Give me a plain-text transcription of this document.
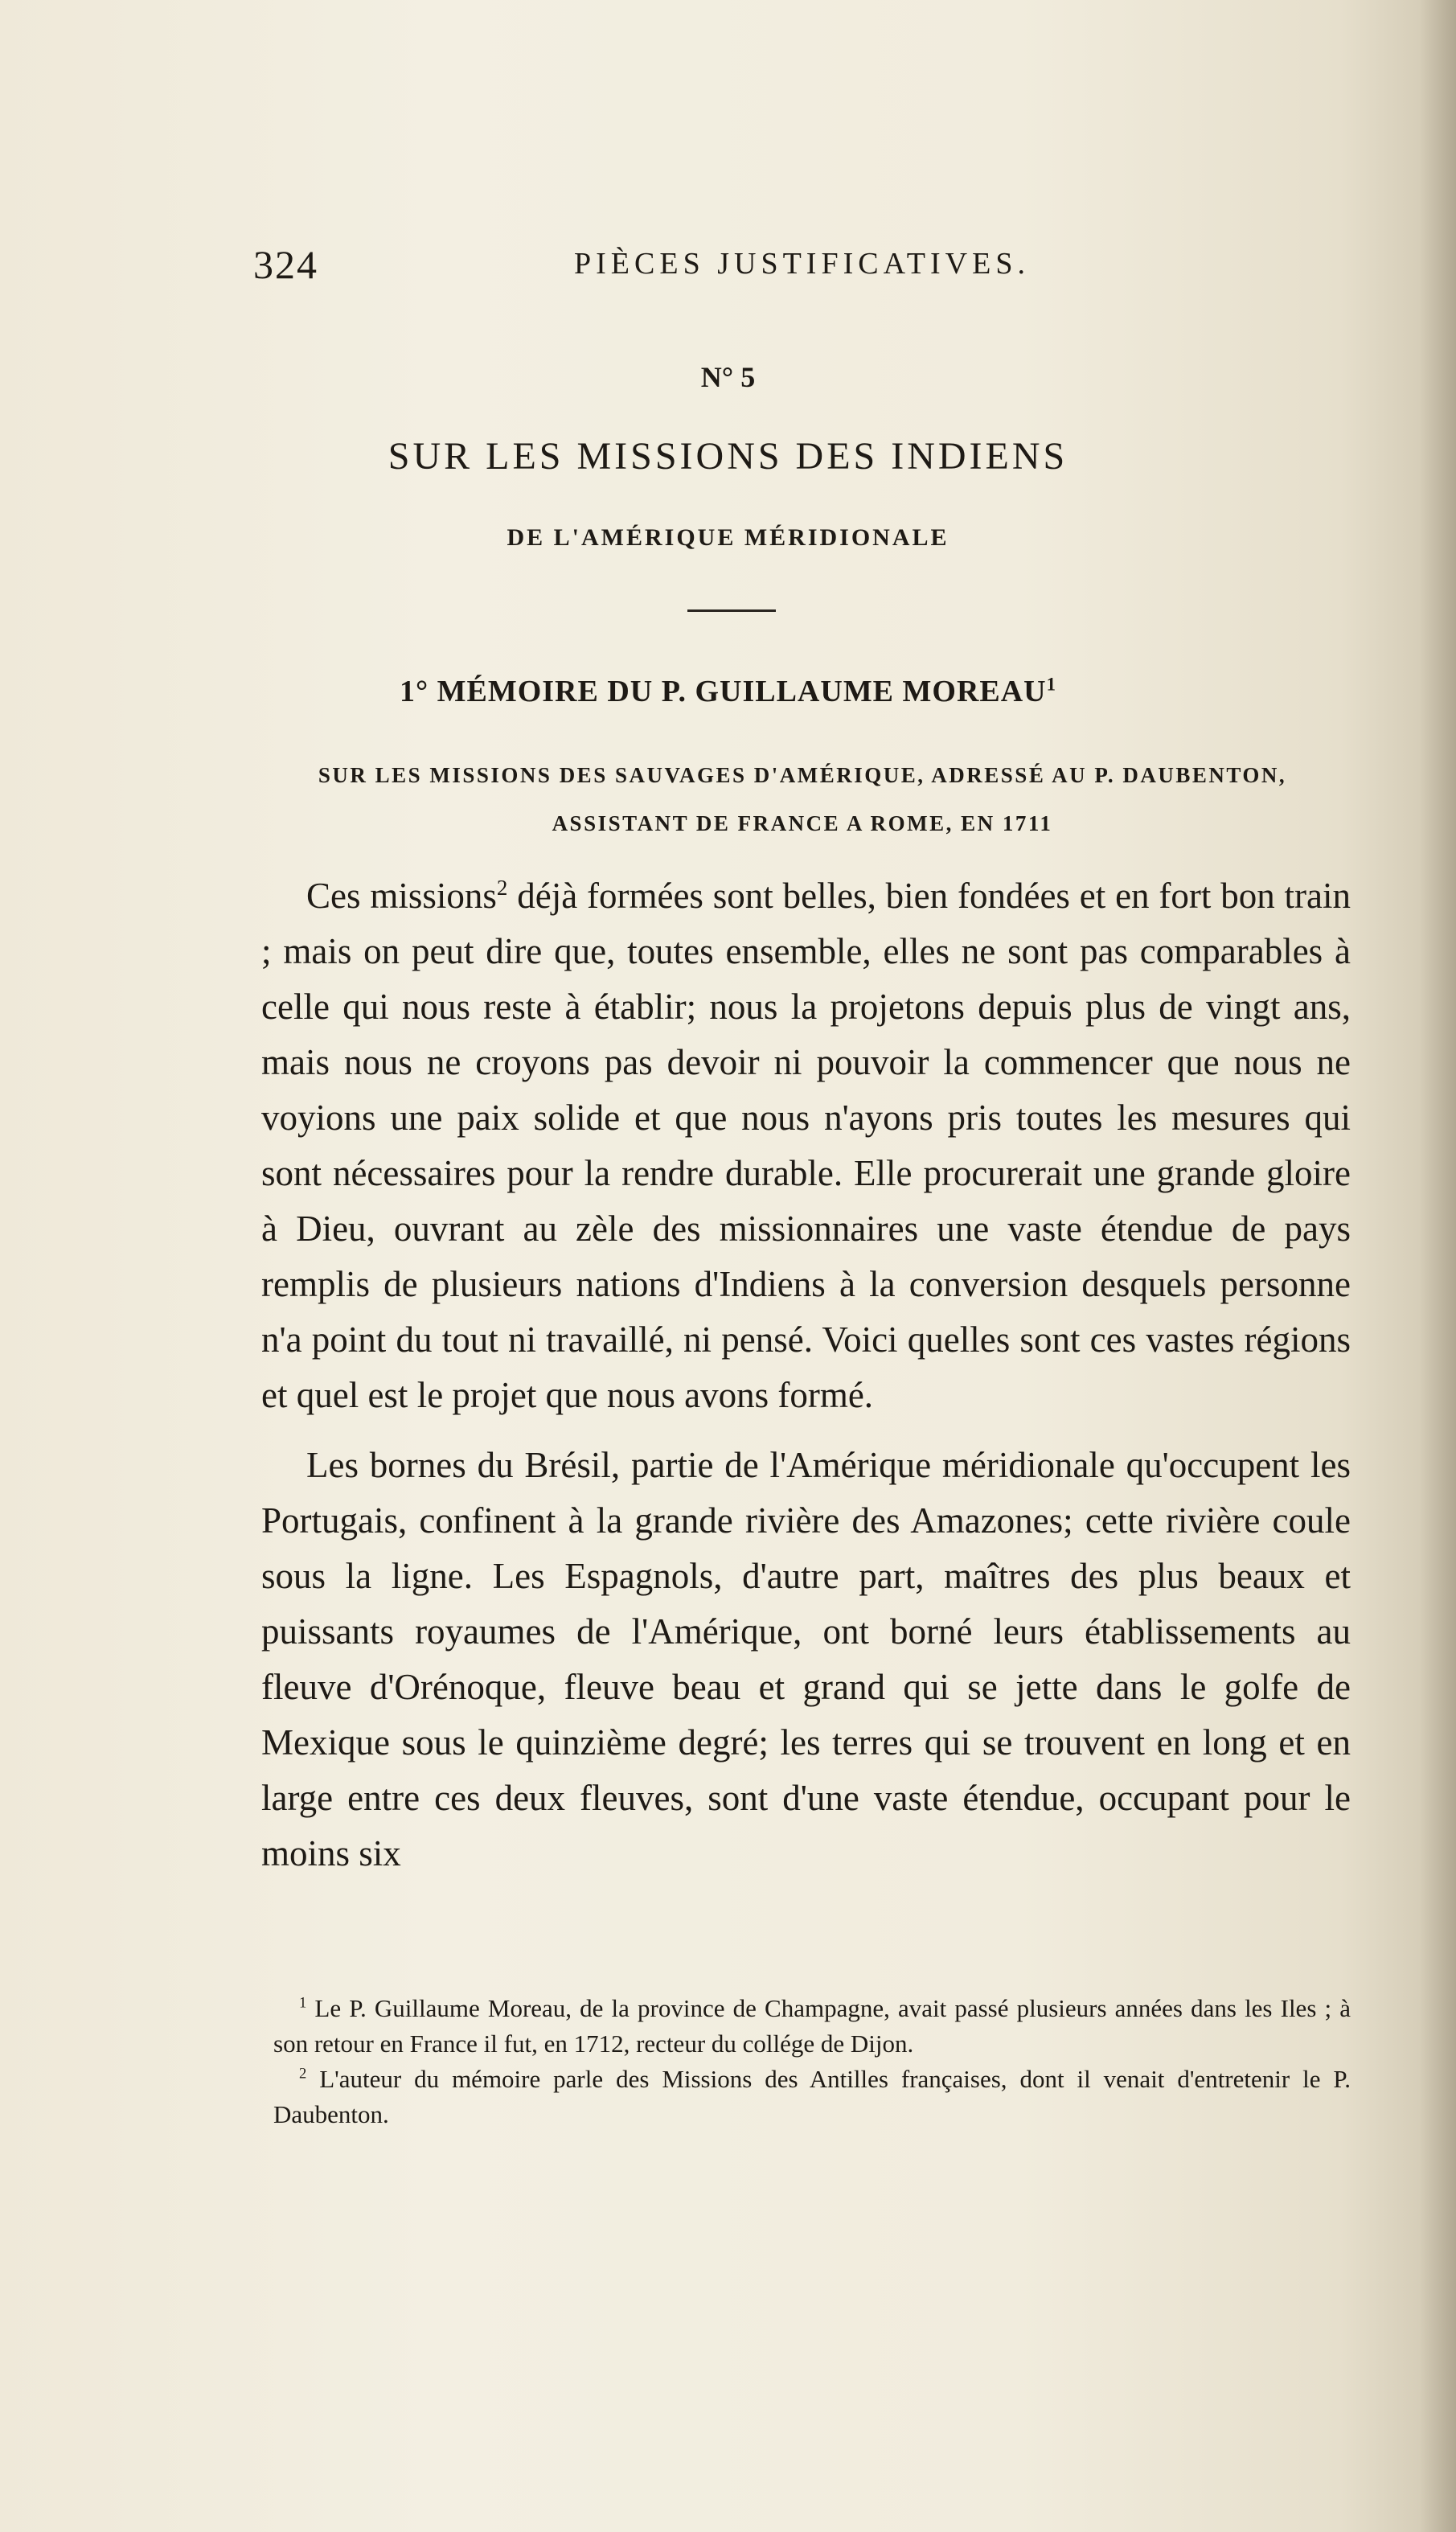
324	PIÈCES JUSTIFICATIVES.
N° 5
SUR LES MISSIONS DES INDIENS
DE L'AMÉRIQUE MÉRIDIONALE
1° MÉMOIRE DU P. GUILLAUME MOREAU$^1$
SUR LES MISSIONS DES SAUVAGES D'AMÉRIQUE, ADRESSÉ AU P. DAUBENTON,
ASSISTANT DE FRANCE A ROME, EN 1711

Ces missions$^2$ déjà formées sont belles, bien fondées et en fort bon train ; mais on peut dire que, toutes ensemble, elles ne sont pas comparables à celle qui nous reste à établir; nous la projetons depuis plus de vingt ans, mais nous ne croyons pas devoir ni pouvoir la commencer que nous ne voyions une paix solide et que nous n'ayons pris toutes les mesures qui sont nécessaires pour la rendre durable. Elle procurerait une grande gloire à Dieu, ouvrant au zèle des missionnaires une vaste étendue de pays remplis de plusieurs nations d'Indiens à la conversion desquels personne n'a point du tout ni travaillé, ni pensé. Voici quelles sont ces vastes régions et quel est le projet que nous avons formé.

Les bornes du Brésil, partie de l'Amérique méridionale qu'occupent les Portugais, confinent à la grande rivière des Amazones; cette rivière coule sous la ligne. Les Espagnols, d'autre part, maîtres des plus beaux et puissants royaumes de l'Amérique, ont borné leurs établissements au fleuve d'Orénoque, fleuve beau et grand qui se jette dans le golfe de Mexique sous le quinzième degré; les terres qui se trouvent en long et en large entre ces deux fleuves, sont d'une vaste étendue, occupant pour le moins six

$^1$ Le P. Guillaume Moreau, de la province de Champagne, avait passé plusieurs années dans les Iles ; à son retour en France il fut, en 1712, recteur du collége de Dijon.

$^2$ L'auteur du mémoire parle des Missions des Antilles françaises, dont il venait d'entretenir le P. Daubenton.
